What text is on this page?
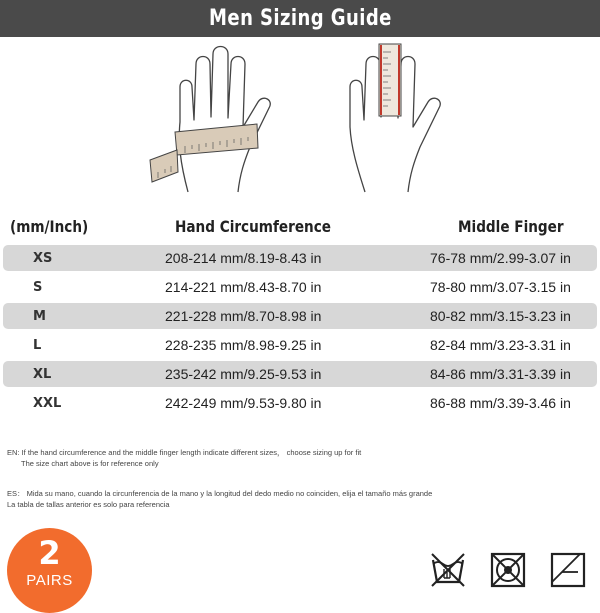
Men Sizing Guide
(mm/Inch)	Hand Circumference	Middle Finger
XS	208-214 mm/8.19-8.43 in	76-78 mm/2.99-3.07 in
S	214-221 mm/8.43-8.70 in	78-80 mm/3.07-3.15 in
M	221-228 mm/8.70-8.98 in	80-82 mm/3.15-3.23 in
L	228-235 mm/8.98-9.25 in	82-84 mm/3.23-3.31 in
XL	235-242 mm/9.25-9.53 in	84-86 mm/3.31-3.39 in
XXL	242-249 mm/9.53-9.80 in	86-88 mm/3.39-3.46 in
EN: If the hand circumference and the middle finger length indicate different sizes， choose sizing up for fit
The size chart above is for reference only
ES： Mida su mano, cuando la circunferencia de la mano y la longitud del dedo medio no coinciden, elija el tamaño más grande
La tabla de tallas anterior es solo para referencia
2
PAIRS
